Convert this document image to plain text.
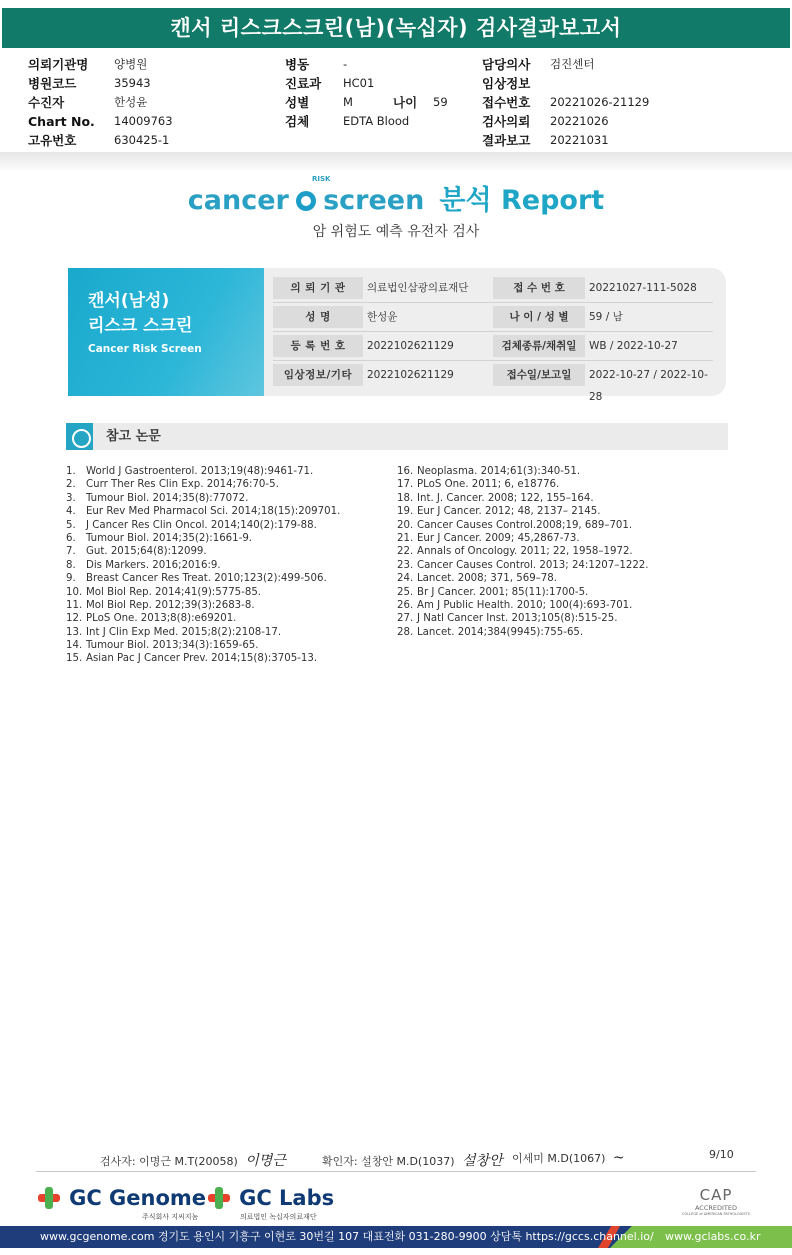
캔서 리스크스크린(남)(녹십자) 검사결과보고서
의뢰기관명 양병원
병원코드	35943
수진자	한성윤
Chart No. 14009763
고유번호	630425-1
병동	-
진료과 HC01
성별	M	나이 59
검체	EDTA Blood
담당의사 검진센터
임상정보
접수번호 20221026-21129
검사의뢰 20221026
결과보고 20221031
cancer
RISK
screen 분석 Report
암 위험도 예측 유전자 검사
캔서(남성)
리스크 스크린
Cancer Risk Screen
의 뢰 기 관	의료법인삼광의료재단	접 수 번 호	20221027-111-5028
성 명	한성윤	나 이 / 성 별	59 / 남
등 록 번 호	2022102621129	검체종류/채취일	WB / 2022-10-27
임상정보/기타	2022102621129	접수일/보고일	2022-10-27 / 2022-10-28
참고 논문
1. World J Gastroenterol. 2013;19(48):9461-71.
2. Curr Ther Res Clin Exp. 2014;76:70-5.
3. Tumour Biol. 2014;35(8):77072.
4. Eur Rev Med Pharmacol Sci. 2014;18(15):209701.
5. J Cancer Res Clin Oncol. 2014;140(2):179-88.
6. Tumour Biol. 2014;35(2):1661-9.
7. Gut. 2015;64(8):12099.
8. Dis Markers. 2016;2016:9.
9. Breast Cancer Res Treat. 2010;123(2):499-506.
10. Mol Biol Rep. 2014;41(9):5775-85.
11. Mol Biol Rep. 2012;39(3):2683-8.
12. PLoS One. 2013;8(8):e69201.
13. Int J Clin Exp Med. 2015;8(2):2108-17.
14. Tumour Biol. 2013;34(3):1659-65.
15. Asian Pac J Cancer Prev. 2014;15(8):3705-13.
16. Neoplasma. 2014;61(3):340-51.
17. PLoS One. 2011; 6, e18776.
18. Int. J. Cancer. 2008; 122, 155–164.
19. Eur J Cancer. 2012; 48, 2137– 2145.
20. Cancer Causes Control.2008;19, 689–701.
21. Eur J Cancer. 2009; 45,2867-73.
22. Annals of Oncology. 2011; 22, 1958–1972.
23. Cancer Causes Control. 2013; 24:1207–1222.
24. Lancet. 2008; 371, 569–78.
25. Br J Cancer. 2001; 85(11):1700-5.
26. Am J Public Health. 2010; 100(4):693-701.
27. J Natl Cancer Inst. 2013;105(8):515-25.
28. Lancet. 2014;384(9945):755-65.
검사자: 이명근 M.T(20058) 이명근	확인자: 설창안 M.D(1037) 설창안 이세미 M.D(1067) ~	9/10
GC Genome
주식회사 지씨지놈
GC Labs
의료법인 녹십자의료재단
CAP
ACCREDITED
COLLEGE of AMERICAN PATHOLOGISTS
www.gcgenome.com 경기도 용인시 기흥구 이현로 30번길 107 대표전화 031-280-9900 상담톡 https://gccs.channel.io/ www.gclabs.co.kr
